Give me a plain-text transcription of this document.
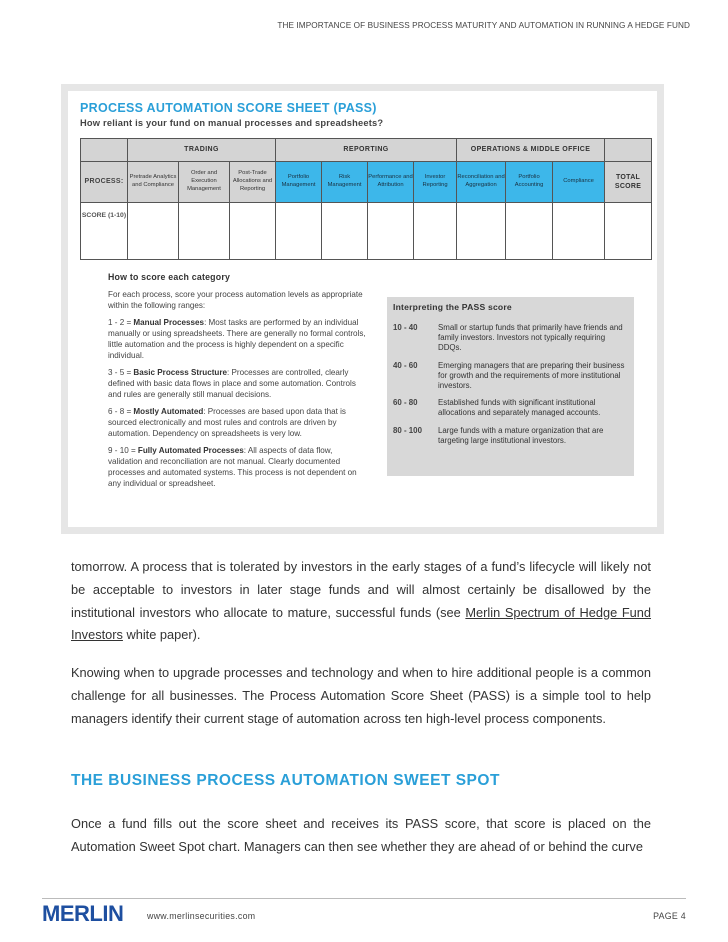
THE IMPORTANCE OF BUSINESS PROCESS MATURITY AND AUTOMATION IN RUNNING A HEDGE FUND
PROCESS AUTOMATION SCORE SHEET (PASS)
How reliant is your fund on manual processes and spreadsheets?
	TRADING			REPORTING				OPERATIONS & MIDDLE OFFICE			
PROCESS:	Pretrade Analytics and Compliance	Order and Execution Management	Post-Trade Allocations and Reporting	Portfolio Management	Risk Management	Performance and Attribution	Investor Reporting	Reconciliation and Aggregation	Portfolio Accounting	Compliance	TOTAL SCORE
SCORE (1-10)											
How to score each category

For each process, score your process automation levels as appropriate within the following ranges:

1 - 2 = Manual Processes: Most tasks are performed by an individual manually or using spreadsheets. There are generally no formal controls, little automation and the process is highly dependent on a specific individual.

3 - 5 = Basic Process Structure: Processes are controlled, clearly defined with basic data flows in place and some automation. Controls and rules are generally still manual decisions.

6 - 8 = Mostly Automated: Processes are based upon data that is sourced electronically and most rules and controls are driven by automation. Dependency on spreadsheets is very low.

9 - 10 = Fully Automated Processes: All aspects of data flow, validation and reconciliation are not manual. Clearly documented processes and automated systems. This process is not dependent on any individual or spreadsheet.

Interpreting the PASS score
10 - 40	Small or startup funds that primarily have friends and family investors. Investors not typically requiring DDQs.
40 - 60	Emerging managers that are preparing their business for growth and the requirements of more institutional investors.
60 - 80	Established funds with significant institutional allocations and separately managed accounts.
80 - 100	Large funds with a mature organization that are targeting large institutional investors.

tomorrow. A process that is tolerated by investors in the early stages of a fund’s lifecycle will likely not be acceptable to investors in later stage funds and will almost certainly be disallowed by the institutional investors who allocate to mature, successful funds (see Merlin Spectrum of Hedge Fund Investors white paper).

Knowing when to upgrade processes and technology and when to hire additional people is a common challenge for all businesses. The Process Automation Score Sheet (PASS) is a simple tool to help managers identify their current stage of automation across ten high-level process components.

THE BUSINESS PROCESS AUTOMATION SWEET SPOT

Once a fund fills out the score sheet and receives its PASS score, that score is placed on the Automation Sweet Spot chart. Managers can then see whether they are ahead of or behind the curve

MERLIN	www.merlinsecurities.com	PAGE 4
